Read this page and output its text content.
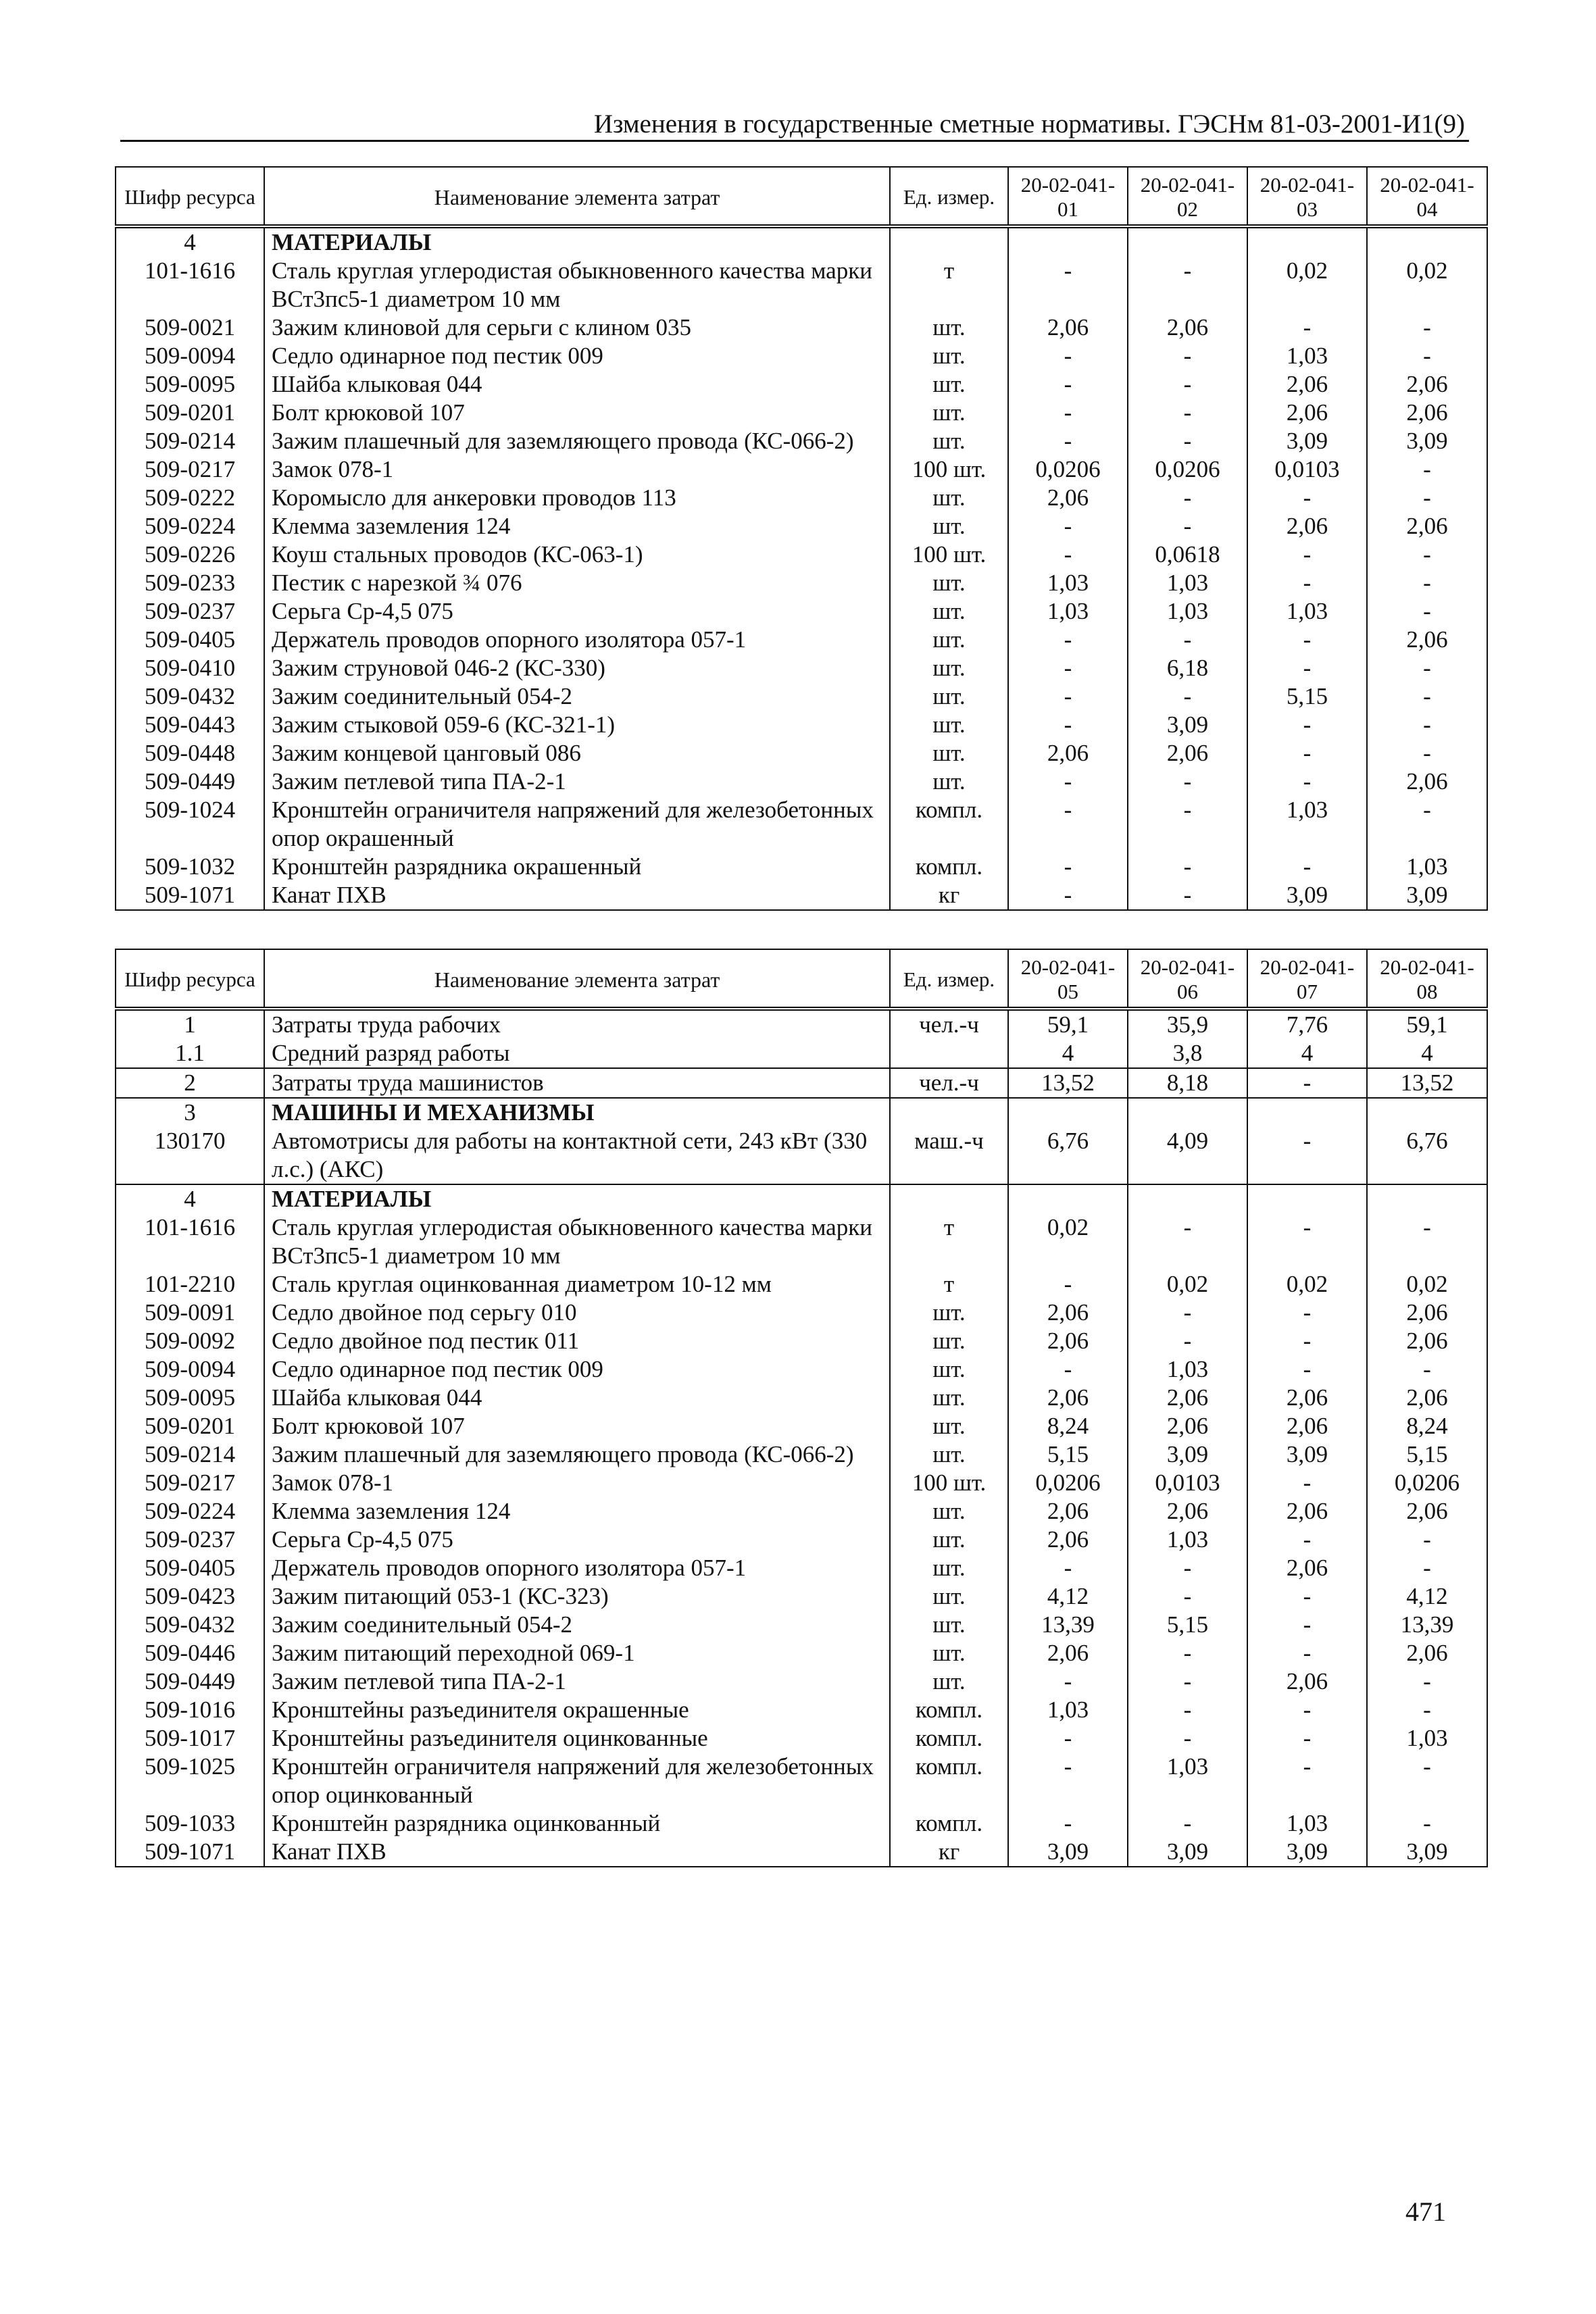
Изменения в государственные сметные нормативы. ГЭСНм 81-03-2001-И1(9)
Шифр ресурса	Наименование элемента затрат	Ед. измер.	20-02-041-01	20-02-041-02	20-02-041-03	20-02-041-04
4	МАТЕРИАЛЫ					
101-1616	Сталь круглая углеродистая обыкновенного качества марки ВСт3пс5-1 диаметром 10 мм	т	-	-	0,02	0,02
509-0021	Зажим клиновой для серьги с клином 035	шт.	2,06	2,06	-	-
509-0094	Седло одинарное под пестик 009	шт.	-	-	1,03	-
509-0095	Шайба клыковая 044	шт.	-	-	2,06	2,06
509-0201	Болт крюковой 107	шт.	-	-	2,06	2,06
509-0214	Зажим плашечный для заземляющего провода (КС-066-2)	шт.	-	-	3,09	3,09
509-0217	Замок 078-1	100 шт.	0,0206	0,0206	0,0103	-
509-0222	Коромысло для анкеровки проводов 113	шт.	2,06	-	-	-
509-0224	Клемма заземления 124	шт.	-	-	2,06	2,06
509-0226	Коуш стальных проводов (КС-063-1)	100 шт.	-	0,0618	-	-
509-0233	Пестик с нарезкой ¾ 076	шт.	1,03	1,03	-	-
509-0237	Серьга Ср-4,5 075	шт.	1,03	1,03	1,03	-
509-0405	Держатель проводов опорного изолятора 057-1	шт.	-	-	-	2,06
509-0410	Зажим струновой 046-2 (КС-330)	шт.	-	6,18	-	-
509-0432	Зажим соединительный 054-2	шт.	-	-	5,15	-
509-0443	Зажим стыковой 059-6 (КС-321-1)	шт.	-	3,09	-	-
509-0448	Зажим концевой цанговый 086	шт.	2,06	2,06	-	-
509-0449	Зажим петлевой типа ПА-2-1	шт.	-	-	-	2,06
509-1024	Кронштейн ограничителя напряжений для железобетонных опор окрашенный	компл.	-	-	1,03	-
509-1032	Кронштейн разрядника окрашенный	компл.	-	-	-	1,03
509-1071	Канат ПХВ	кг	-	-	3,09	3,09
Шифр ресурса	Наименование элемента затрат	Ед. измер.	20-02-041-05	20-02-041-06	20-02-041-07	20-02-041-08
1	Затраты труда рабочих	чел.-ч	59,1	35,9	7,76	59,1
1.1	Средний разряд работы		4	3,8	4	4
2	Затраты труда машинистов	чел.-ч	13,52	8,18	-	13,52
3	МАШИНЫ И МЕХАНИЗМЫ					
130170	Автомотрисы для работы на контактной сети, 243 кВт (330 л.с.) (АКС)	маш.-ч	6,76	4,09	-	6,76
4	МАТЕРИАЛЫ					
101-1616	Сталь круглая углеродистая обыкновенного качества марки ВСт3пс5-1 диаметром 10 мм	т	0,02	-	-	-
101-2210	Сталь круглая оцинкованная диаметром 10-12 мм	т	-	0,02	0,02	0,02
509-0091	Седло двойное под серьгу 010	шт.	2,06	-	-	2,06
509-0092	Седло двойное под пестик 011	шт.	2,06	-	-	2,06
509-0094	Седло одинарное под пестик 009	шт.	-	1,03	-	-
509-0095	Шайба клыковая 044	шт.	2,06	2,06	2,06	2,06
509-0201	Болт крюковой 107	шт.	8,24	2,06	2,06	8,24
509-0214	Зажим плашечный для заземляющего провода (КС-066-2)	шт.	5,15	3,09	3,09	5,15
509-0217	Замок 078-1	100 шт.	0,0206	0,0103	-	0,0206
509-0224	Клемма заземления 124	шт.	2,06	2,06	2,06	2,06
509-0237	Серьга Ср-4,5 075	шт.	2,06	1,03	-	-
509-0405	Держатель проводов опорного изолятора 057-1	шт.	-	-	2,06	-
509-0423	Зажим питающий 053-1 (КС-323)	шт.	4,12	-	-	4,12
509-0432	Зажим соединительный 054-2	шт.	13,39	5,15	-	13,39
509-0446	Зажим питающий переходной 069-1	шт.	2,06	-	-	2,06
509-0449	Зажим петлевой типа ПА-2-1	шт.	-	-	2,06	-
509-1016	Кронштейны разъединителя окрашенные	компл.	1,03	-	-	-
509-1017	Кронштейны разъединителя оцинкованные	компл.	-	-	-	1,03
509-1025	Кронштейн ограничителя напряжений для железобетонных опор оцинкованный	компл.	-	1,03	-	-
509-1033	Кронштейн разрядника оцинкованный	компл.	-	-	1,03	-
509-1071	Канат ПХВ	кг	3,09	3,09	3,09	3,09
471
